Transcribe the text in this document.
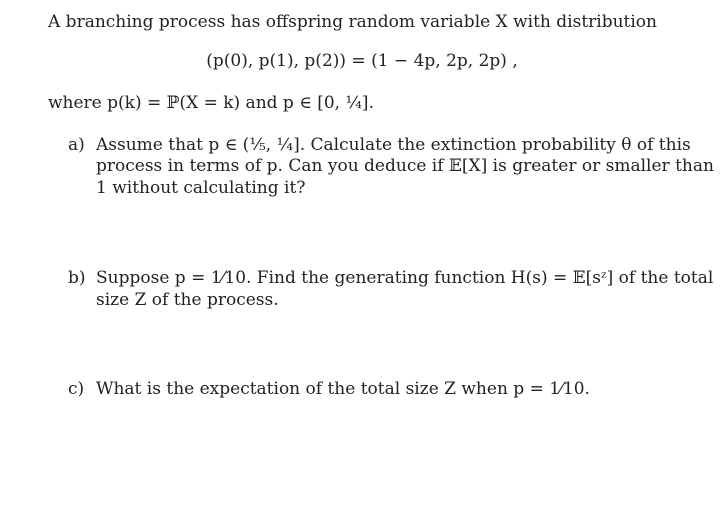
A branching process has offspring random variable X with distribution
(p(0), p(1), p(2)) = (1 − 4p, 2p, 2p) ,
where p(k) = ℙ(X = k) and p ∈ [0, ¼].
a) Assume that p ∈ (⅕, ¼]. Calculate the extinction probability θ of this
process in terms of p. Can you deduce if 𝔼[X] is greater or smaller than
1 without calculating it?
b) Suppose p = 1⁄10. Find the generating function H(s) = 𝔼[sᶻ] of the total
size Z of the process.
c) What is the expectation of the total size Z when p = 1⁄10.
